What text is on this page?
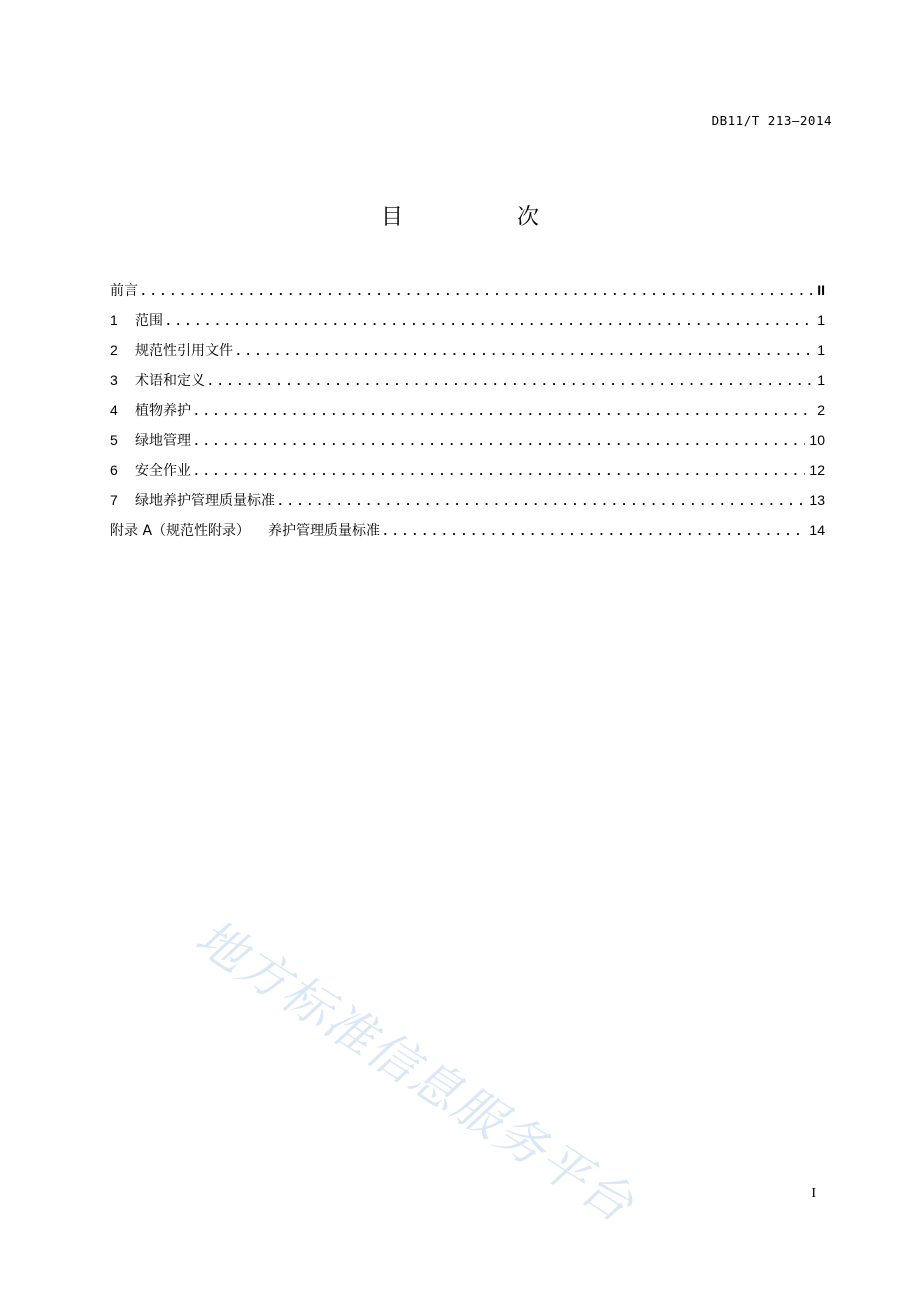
DB11/T 213—2014
目　次
前言 .....	II
1	范围 .....	1
2	规范性引用文件 .....	1
3	术语和定义 .....	1
4	植物养护 .....	2
5	绿地管理 .....	10
6	安全作业 .....	12
7	绿地养护管理质量标准 .....	13
附录 A（规范性附录） 养护管理质量标准 .....	14
地方标准信息服务平台	I
